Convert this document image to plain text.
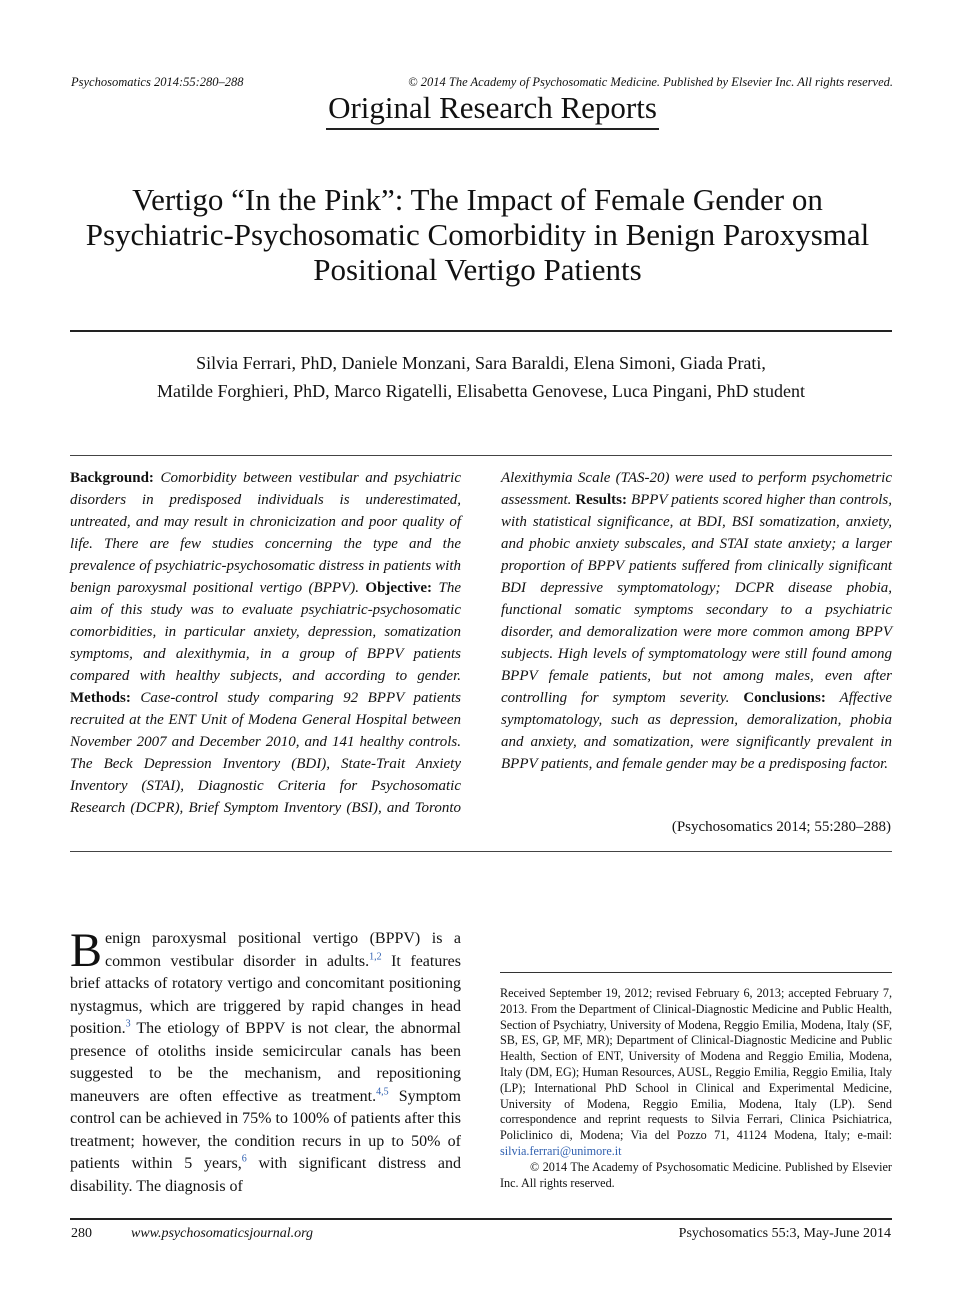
Psychosomatics 2014:55:280–288	© 2014 The Academy of Psychosomatic Medicine. Published by Elsevier Inc. All rights reserved.
Original Research Reports
Vertigo “In the Pink”: The Impact of Female Gender on
Psychiatric-Psychosomatic Comorbidity in Benign Paroxysmal
Positional Vertigo Patients
Silvia Ferrari, PhD, Daniele Monzani, Sara Baraldi, Elena Simoni, Giada Prati,
Matilde Forghieri, PhD, Marco Rigatelli, Elisabetta Genovese, Luca Pingani, PhD student
Background: Comorbidity between vestibular and psychiatric disorders in predisposed individuals is underestimated, untreated, and may result in chronicization and poor quality of life. There are few studies concerning the type and the prevalence of psychiatric-psychosomatic distress in patients with benign paroxysmal positional vertigo (BPPV). Objective: The aim of this study was to evaluate psychiatric-psychosomatic comorbidities, in particular anxiety, depression, somatization symptoms, and alexithymia, in a group of BPPV patients compared with healthy subjects, and according to gender. Methods: Case-control study comparing 92 BPPV patients recruited at the ENT Unit of Modena General Hospital between November 2007 and December 2010, and 141 healthy controls. The Beck Depression Inventory (BDI), State-Trait Anxiety Inventory (STAI), Diagnostic Criteria for Psychosomatic Research (DCPR), Brief Symptom Inventory (BSI), and Toronto Alexithymia Scale (TAS-20) were used to perform psychometric assessment. Results: BPPV patients scored higher than controls, with statistical significance, at BDI, BSI somatization, anxiety, and phobic anxiety subscales, and STAI state anxiety; a larger proportion of BPPV patients suffered from clinically significant BDI depressive symptomatology; DCPR disease phobia, functional somatic symptoms secondary to a psychiatric disorder, and demoralization were more common among BPPV subjects. High levels of symptomatology were still found among BPPV female patients, but not among males, even after controlling for symptom severity. Conclusions: Affective symptomatology, such as depression, demoralization, phobia and anxiety, and somatization, were significantly prevalent in BPPV patients, and female gender may be a predisposing factor.
(Psychosomatics 2014; 55:280–288)
Benign paroxysmal positional vertigo (BPPV) is a common vestibular disorder in adults.$^{1,2}$ It features brief attacks of rotatory vertigo and concomitant positioning nystagmus, which are triggered by rapid changes in head position.$^3$ The etiology of BPPV is not clear, the abnormal presence of otoliths inside semicircular canals has been suggested to be the mechanism, and repositioning maneuvers are often effective as treatment.$^{4,5}$ Symptom control can be achieved in 75% to 100% of patients after this treatment; however, the condition recurs in up to 50% of patients within 5 years,$^6$ with significant distress and disability. The diagnosis of
Received September 19, 2012; revised February 6, 2013; accepted February 7, 2013. From the Department of Clinical-Diagnostic Medicine and Public Health, Section of Psychiatry, University of Modena, Reggio Emilia, Modena, Italy (SF, SB, ES, GP, MF, MR); Department of Clinical-Diagnostic Medicine and Public Health, Section of ENT, University of Modena and Reggio Emilia, Modena, Italy (DM, EG); Human Resources, AUSL, Reggio Emilia, Reggio Emilia, Italy (LP); International PhD School in Clinical and Experimental Medicine, University of Modena, Reggio Emilia, Modena, Italy (LP). Send correspondence and reprint requests to Silvia Ferrari, Clinica Psichiatrica, Policlinico di, Modena; Via del Pozzo 71, 41124 Modena, Italy; e-mail: silvia.ferrari@unimore.it
© 2014 The Academy of Psychosomatic Medicine. Published by Elsevier Inc. All rights reserved.
280	www.psychosomaticsjournal.org	Psychosomatics 55:3, May-June 2014
